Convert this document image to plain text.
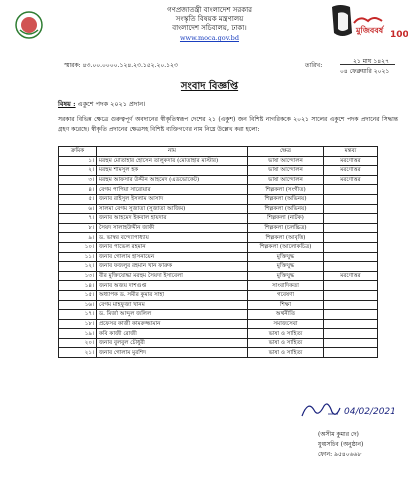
গণপ্রজাতন্ত্রী বাংলাদেশ সরকার
সংস্কৃতি বিষয়ক মন্ত্রণালয়
বাংলাদেশ সচিবালয়, ঢাকা।
www.moca.gov.bd
মুজিববর্ষ 100
স্মারক: ৪৩.০০.০০০০.১২৪.২৩.১৫২.২০.১২৩	তারিখ:
২১ মাঘ ১৪২৭
০৪ ফেব্রুয়ারি ২০২১
সংবাদ বিজ্ঞপ্তি
বিষয় : একুশে পদক ২০২১ প্রদান।
সরকার বিভিন্ন ক্ষেত্রে গুরুত্বপূর্ণ অবদানের স্বীকৃতিস্বরূপ দেশের ২১ (একুশ) জন বিশিষ্ট নাগরিককে ২০২১ সালের একুশে পদক প্রদানের সিদ্ধান্ত গ্রহণ করেছে। স্বীকৃতি প্রদানের ক্ষেত্রসহ বিশিষ্ট ব্যক্তিগণের নাম নিম্নে উল্লেখ করা হলো:
ক্রমিক	নাম	ক্ষেত্র	মন্তব্য
১।	মরহুম মোতাহার হোসেন তালুকদার (মোতাহার মাস্টার)	ভাষা আন্দোলন	মরণোত্তর
২।	মরহুম শামসুল হক	ভাষা আন্দোলন	মরণোত্তর
৩।	মরহুম আফসার উদ্দীন আহমেদ (এডভোকেট)	ভাষা আন্দোলন	মরণোত্তর
৪।	বেগম পাপিয়া সারোয়ার	শিল্পকলা (সংগীত)	
৫।	জনাব রাইসুল ইসলাম আসাদ	শিল্পকলা (অভিনয়)	
৬।	সালমা বেগম সুজাতা (সুজাতা আজিম)	শিল্পকলা (অভিনয়)	
৭।	জনাব আহমেদ ইকবাল হায়দার	শিল্পকলা (নাটক)	
৮।	সৈয়দ সালাহউদ্দীন জাকী	শিল্পকলা (চলচ্চিত্র)	
৯।	ড. ভাস্বর বন্দ্যোপাধ্যায়	শিল্পকলা (আবৃত্তি)	
১০।	জনাব পাভেল রহমান	শিল্পকলা (আলোকচিত্র)	
১১।	জনাব গোলাম হাসনায়েন	মুক্তিযুদ্ধ	
১২।	জনাব ফজলুর রহমান খান ফারুক	মুক্তিযুদ্ধ	
১৩।	বীর মুক্তিযোদ্ধা মরহুম সৈয়দা ইসাবেলা	মুক্তিযুদ্ধ	মরণোত্তর
১৪।	জনাব অজয় দাশগুপ্ত	সাংবাদিকতা	
১৫।	অধ্যাপক ড. সমীর কুমার সাহা	গবেষণা	
১৬।	বেগম মাহফুজা খানম	শিক্ষা	
১৭।	ড. মির্জা আব্দুল জলিল	অর্থনীতি	
১৮।	প্রফেসর কাজী কামরুজ্জামান	সমাজসেবা	
১৯।	কবি কাজী রোজী	ভাষা ও সাহিত্য	
২০।	জনাব বুলবুল চৌধুরী	ভাষা ও সাহিত্য	
২১।	জনাব গোলাম মুরশিদ	ভাষা ও সাহিত্য	
04/02/2021
(অসীম কুমার দে)
যুগ্মসচিব (অনুষ্ঠান)
ফোন: ৯৫৪০৬৬৮
